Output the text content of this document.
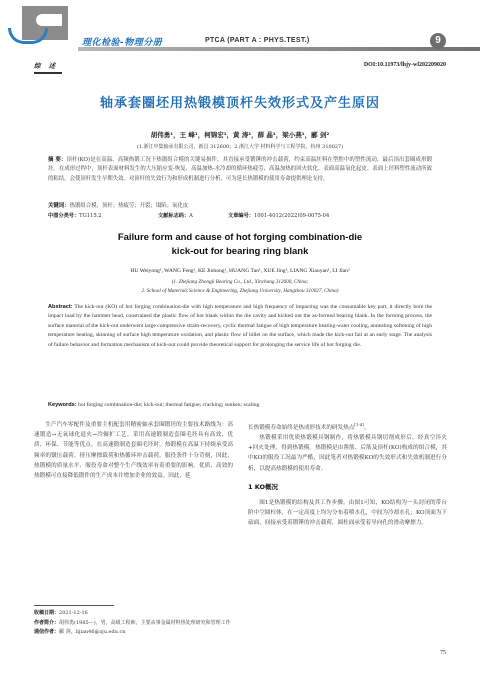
理化检验-物理分册	PTCA (PART A : PHYS.TEST.)	2022年 第58卷	9
综 述	DOI:10.11973/lhjy-wl202209020
轴承套圈坯用热锻模顶杆失效形式及产生原因
胡伟勇¹，王 峰¹，柯锦宏¹，黄 涛¹，薛 晶¹，梁小燕¹，郦 剑²
(1.浙江中集轴承有限公司，新昌 312600；2.浙江大学 材料科学与工程学院，杭州 310027)
摘 要：顶杆(KO)是在高温、高频热锻工况下热锻组合模的关键易损件，其直接承受锻锤的冲击载荷，约束高温坯料在型腔中的塑性流动，最后顶出套圈成形锻坯。在成形过程中，顶杆表面材料发生的大压缩应变-恢复、高温加热-水冷却的循环热疲劳、高温加热的回火软化、表面高温氧化起皮、表面上坯料塑性流动所致的粘结，会使顶杆发生早期失效。对顶杆的失效行为和形成机制进行分析，可为延长热锻模的使用寿命提供理论支持。
关键词：热锻组合模；顶杆；热疲劳；开裂；塌陷；氧化皮
中图分类号：TG115.2	文献标志码：A	文章编号：1001-4012(2022)09-0075-04
Failure form and cause of hot forging combination-die
kick-out for bearing ring blank
HU Weiyong¹, WANG Feng¹, KE Jinhong¹, HUANG Tao¹, XUE Jing¹, LIANG Xiaoyan¹, LI Jian²
(1. Zhejiang Zhongji Bearing Co., Ltd., Xinchang 312600, China;
2. School of Materials Science & Engineering, Zhejiang University, Hangzhou 310027, China)
Abstract: The kick-out (KO) of hot forging combination-die with high temperature and high frequency of impacting was the consumable key part, it directly bore the impact load by the hammer head, constrained the plastic flow of hot blank within the die cavity and kicked out the as-formed bearing blank. In the forming process, the surface material of the kick-out underwent large compressive strain-recovery, cyclic thermal fatigue of high temperature heating-water cooling, annealing softening of high temperature heating, skinning of surface high temperature oxidation, and plastic flow of billet on the surface, which made the kick-out fail at an early stage. The analysis of failure behavior and formation mechanism of kick-out could provide theoretical support for prolonging the service life of hot forging die.
Keywords: hot forging combination-die; kick-out; thermal fatigue; cracking; sunken; scaling
生产汽车零配件及重要主机配套用精密轴承套圈锻坯的主要技术路线为：高速锻造→无氧球化退火→冷辗扩工艺。采用高速锻制造套圈毛坯具有高效、优质、环保、节能等优点。在高速锻制造套圈毛坯时，热锻模在高温下持续承受高频率的镦压载荷、挤压摩擦载荷和热循环冲击载荷，服役条件十分苛刻，因此，热锻模的质量水平、服役寿命对整个生产线效率有着重要的影响。优质、高效的热锻模可直接降低锻件的生产成本并增加企业的效益。因此，延
长热锻模寿命始终是热成形技术的研发热点[1-4]。

热锻模采用优质热锻模具钢制作，将热锻模具钢切削成形后，经真空淬火+回火处理，得到热锻模。热锻模是由凿筋、后筋及顶杆(KO)构成的组合模，其中KO的服役工况最为严酷，因此笔者对热锻模KO的失效形式和失效机制进行分析，以提高热锻模的使用寿命。

1 KO概况

图1是热锻模的结构及其工作步骤。由图1可知，KO结构为一头封闭的带台阶中空圆柱体，在一定高度上均匀分布着喷水孔，中间为冷却水孔；KO顶面为下砧面，间接承受着锻锤的冲击载荷，圆柱面承受着导向孔的滑动摩擦力。

收稿日期：2021-12-16
作者简介：胡伟勇(1985—)，男，高级工程师，主要从事金属材料热处理研究和管理工作
通信作者：郦 剑，lijian46@zju.edu.cn
75
